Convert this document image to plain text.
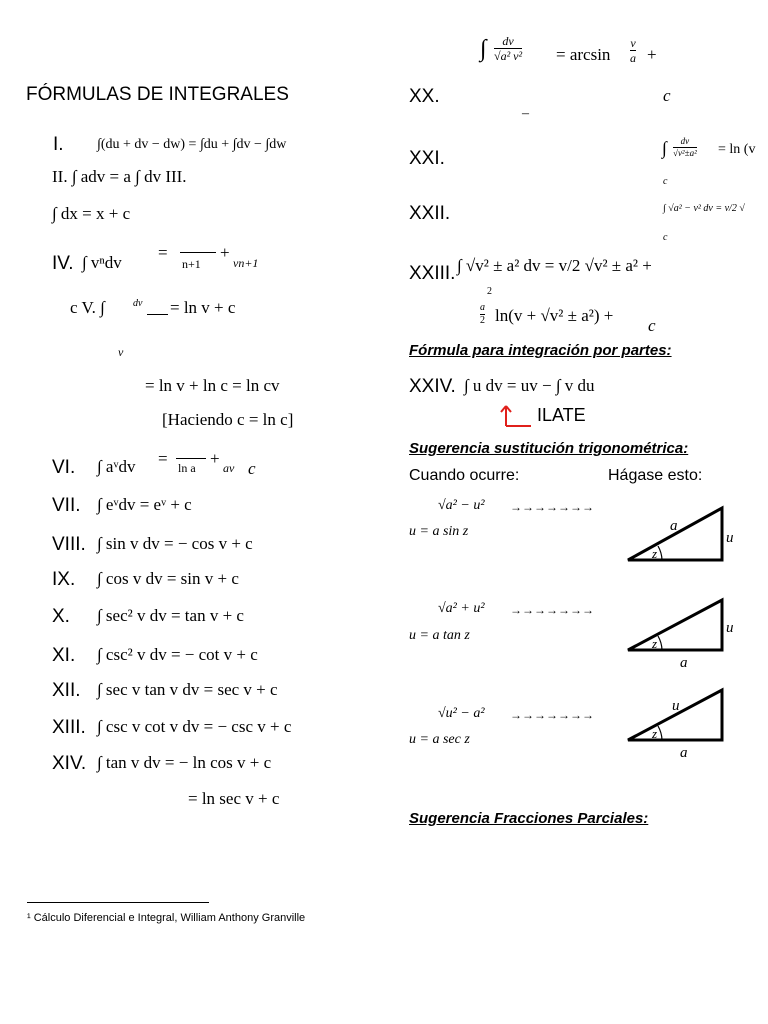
FÓRMULAS DE INTEGRALES
I. ∫(du + dv − dw) = ∫du + ∫dv − ∫dw
II. ∫ adv = a ∫ dv III.
∫ dx = x + c
IV. ∫ vⁿdv
=
n+1
+
vn+1
c V. ∫	dv = ln v + c
v
= ln v + ln c = ln cv
[Haciendo c = ln c]
VI. ∫ aᵛdv = ln a + av c
VII. ∫ eᵛdv = eᵛ + c
VIII. ∫ sin v dv = − cos v + c
IX. ∫ cos v dv = sin v + c
X. ∫ sec² v dv = tan v + c
XI. ∫ csc² v dv = − cot v + c
XII. ∫ sec v tan v dv = sec v + c
XIII. ∫ csc v cot v dv = − csc v + c
XIV. ∫ tan v dv = − ln cos v + c
= ln sec v + c
∫ $\frac{dv}{\text{√a² v²}} = \arcsin \frac{v}{a}$ +
XX.	c
–
XXI.	∫ $\frac{dv}{\text{√v²±a²}} = \ln (v$
c
XXII.	∫ √a² − v² dv = v/2 √
c
XXIII. ∫ √v² ± a² dv = v/2 √v² ± a² +
2
$\frac{a}{2} \ln(v + √v^2 \pm a^2)$ +
c
Fórmula para integración por partes:
XXIV. ∫ u dv = uv − ∫ v du
ILATE
Sugerencia sustitución trigonométrica:
Cuando ocurre:	Hágase esto:
√a² − u² →→→→→→→
u = a sin z	a
u
z
√a² + u² →→→→→→→
u = a tan z	u
a
z
√u² − a² →→→→→→→
u = a sec z
u
a
z
Sugerencia Fracciones Parciales:
¹ Cálculo Diferencial e Integral, William Anthony Granville
